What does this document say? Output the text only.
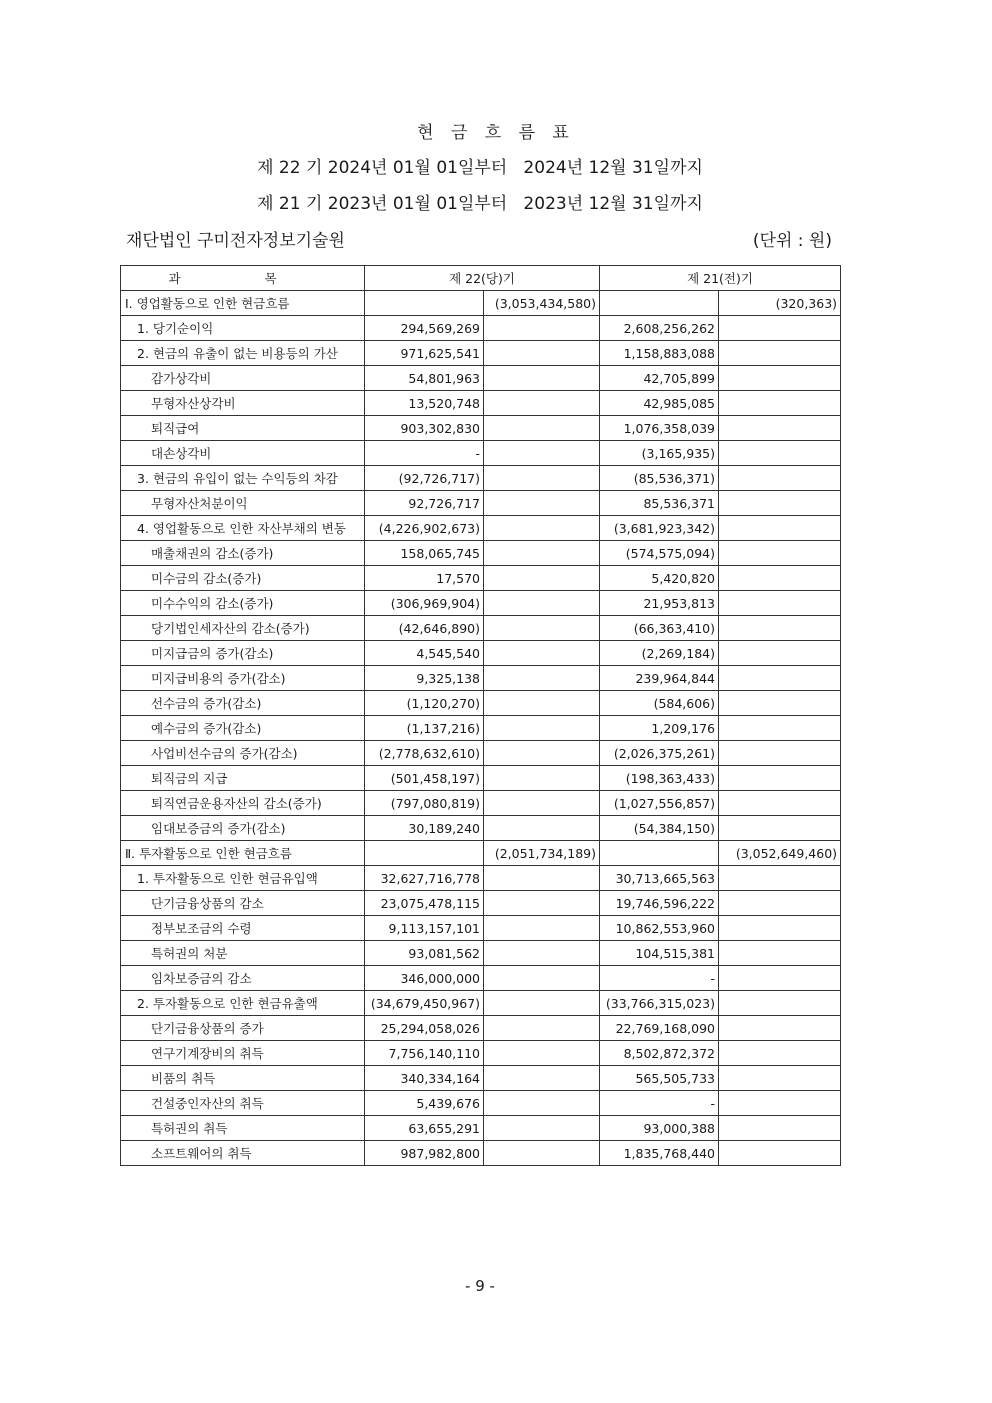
현 금 흐 름 표
제 22 기 2024년 01월 01일부터   2024년 12월 31일까지
제 21 기 2023년 01월 01일부터   2023년 12월 31일까지
재단법인 구미전자정보기술원	(단위 : 원)
과 목	제 22(당)기		제 21(전)기	
Ⅰ. 영업활동으로 인한 현금흐름		(3,053,434,580)		(320,363)
1. 당기순이익	294,569,269		2,608,256,262	
2. 현금의 유출이 없는 비용등의 가산	971,625,541		1,158,883,088	
감가상각비	54,801,963		42,705,899	
무형자산상각비	13,520,748		42,985,085	
퇴직급여	903,302,830		1,076,358,039	
대손상각비	-		(3,165,935)	
3. 현금의 유입이 없는 수익등의 차감	(92,726,717)		(85,536,371)	
무형자산처분이익	92,726,717		85,536,371	
4. 영업활동으로 인한 자산부채의 변동	(4,226,902,673)		(3,681,923,342)	
매출채권의 감소(증가)	158,065,745		(574,575,094)	
미수금의 감소(증가)	17,570		5,420,820	
미수수익의 감소(증가)	(306,969,904)		21,953,813	
당기법인세자산의 감소(증가)	(42,646,890)		(66,363,410)	
미지급금의 증가(감소)	4,545,540		(2,269,184)	
미지급비용의 증가(감소)	9,325,138		239,964,844	
선수금의 증가(감소)	(1,120,270)		(584,606)	
예수금의 증가(감소)	(1,137,216)		1,209,176	
사업비선수금의 증가(감소)	(2,778,632,610)		(2,026,375,261)	
퇴직금의 지급	(501,458,197)		(198,363,433)	
퇴직연금운용자산의 감소(증가)	(797,080,819)		(1,027,556,857)	
임대보증금의 증가(감소)	30,189,240		(54,384,150)	
Ⅱ. 투자활동으로 인한 현금흐름		(2,051,734,189)		(3,052,649,460)
1. 투자활동으로 인한 현금유입액	32,627,716,778		30,713,665,563	
단기금융상품의 감소	23,075,478,115		19,746,596,222	
정부보조금의 수령	9,113,157,101		10,862,553,960	
특허권의 처분	93,081,562		104,515,381	
임차보증금의 감소	346,000,000		-	
2. 투자활동으로 인한 현금유출액	(34,679,450,967)		(33,766,315,023)	
단기금융상품의 증가	25,294,058,026		22,769,168,090	
연구기계장비의 취득	7,756,140,110		8,502,872,372	
비품의 취득	340,334,164		565,505,733	
건설중인자산의 취득	5,439,676		-	
특허권의 취득	63,655,291		93,000,388	
소프트웨어의 취득	987,982,800		1,835,768,440	
- 9 -
